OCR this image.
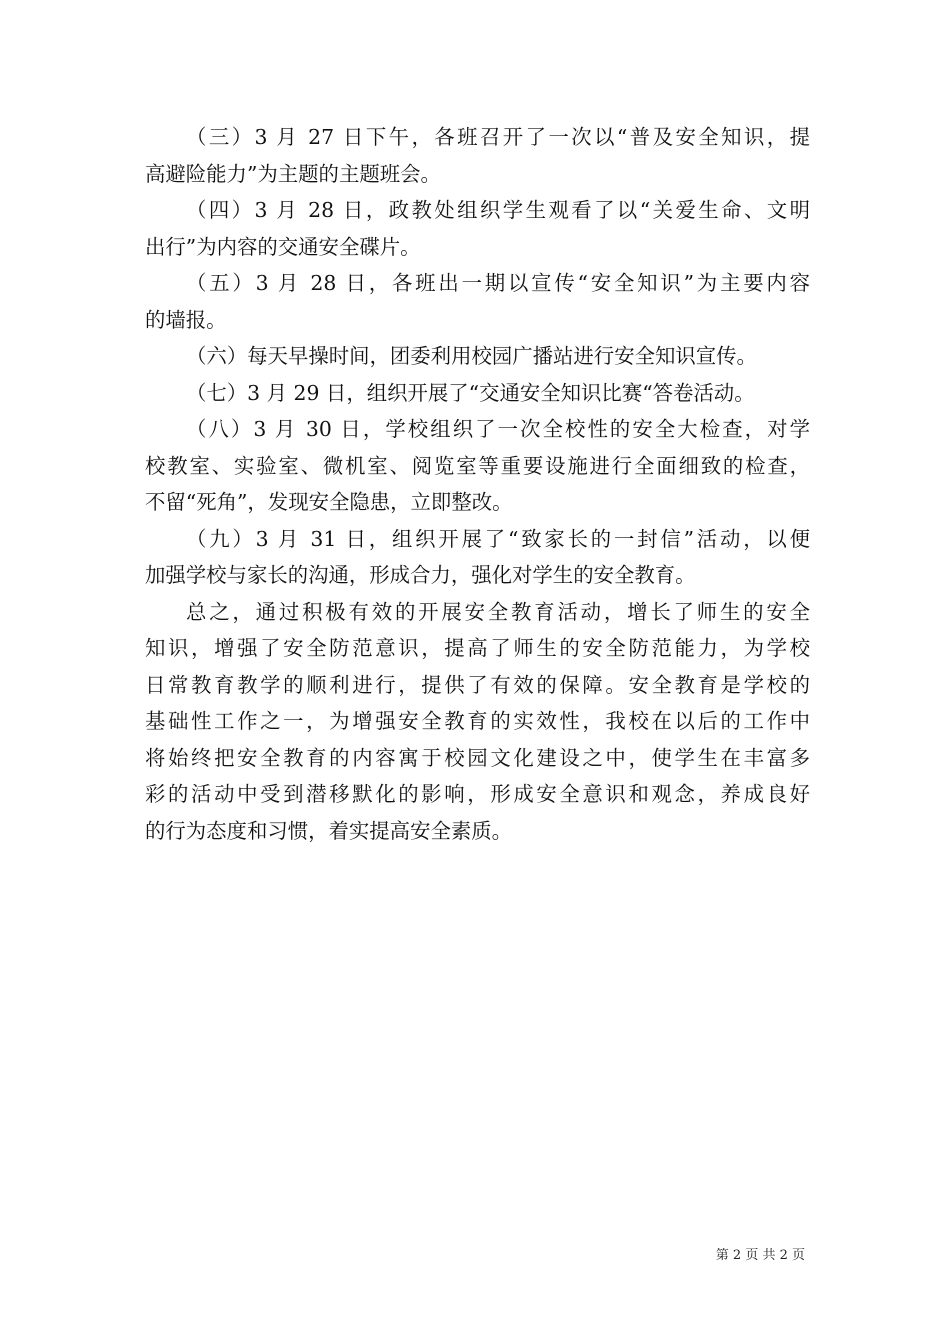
（三）3 月 27 日下午，各班召开了一次以“普及安全知识，提
高避险能力”为主题的主题班会。

（四）3 月 28 日，政教处组织学生观看了以“关爱生命、文明
出行”为内容的交通安全碟片。

（五）3 月 28 日，各班出一期以宣传“安全知识”为主要内容
的墙报。

（六）每天早操时间，团委利用校园广播站进行安全知识宣传。

（七）3 月 29 日，组织开展了“交通安全知识比赛“答卷活动。

（八）3 月 30 日，学校组织了一次全校性的安全大检查，对学
校教室、实验室、微机室、阅览室等重要设施进行全面细致的检查，
不留“死角”，发现安全隐患，立即整改。

（九）3 月 31 日，组织开展了“致家长的一封信”活动，以便
加强学校与家长的沟通，形成合力，强化对学生的安全教育。

总之，通过积极有效的开展安全教育活动，增长了师生的安全
知识，增强了安全防范意识，提高了师生的安全防范能力，为学校
日常教育教学的顺利进行，提供了有效的保障。安全教育是学校的
基础性工作之一，为增强安全教育的实效性，我校在以后的工作中
将始终把安全教育的内容寓于校园文化建设之中，使学生在丰富多
彩的活动中受到潜移默化的影响，形成安全意识和观念，养成良好
的行为态度和习惯，着实提高安全素质。

第 2 页 共 2 页
